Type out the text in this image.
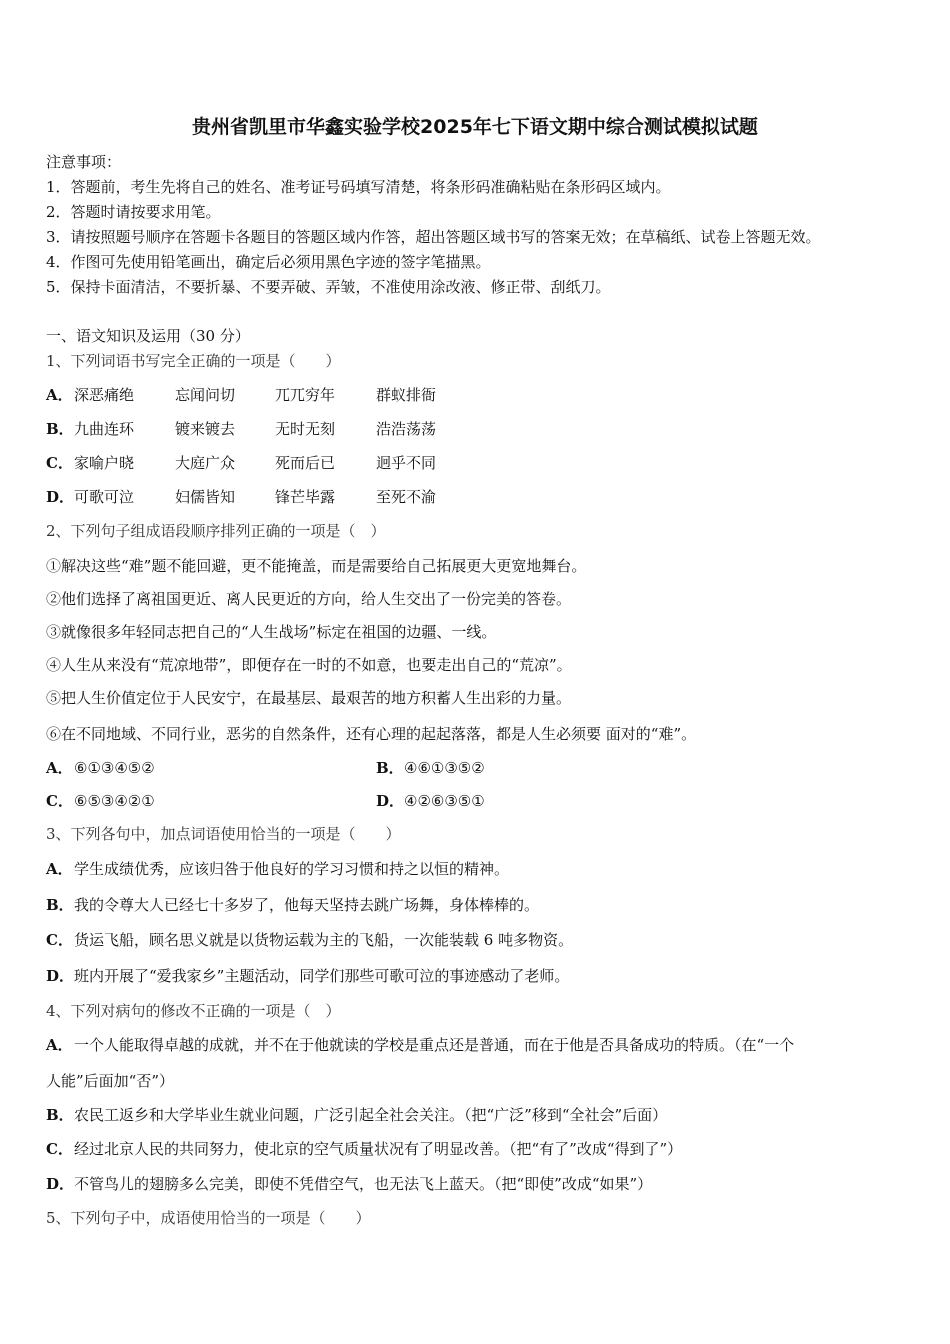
贵州省凯里市华鑫实验学校2025年七下语文期中综合测试模拟试题
注意事项：
1．答题前，考生先将自己的姓名、准考证号码填写清楚，将条形码准确粘贴在条形码区域内。
2．答题时请按要求用笔。
3．请按照题号顺序在答题卡各题目的答题区域内作答，超出答题区域书写的答案无效；在草稿纸、试卷上答题无效。
4．作图可先使用铅笔画出，确定后必须用黑色字迹的签字笔描黑。
5．保持卡面清洁，不要折暴、不要弄破、弄皱，不准使用涂改液、修正带、刮纸刀。
一、语文知识及运用（30 分）
1、下列词语书写完全正确的一项是（　　）
A． 深恶痛绝	忘闻问切	兀兀穷年	群蚁排衙
B． 九曲连环	镀来镀去	无时无刻	浩浩荡荡
C． 家喻户晓	大庭广众	死而后已	迥乎不同
D． 可歌可泣	妇儒皆知	锋芒毕露	至死不渝
2、下列句子组成语段顺序排列正确的一项是（　）
①解决这些“难”题不能回避，更不能掩盖，而是需要给自己拓展更大更宽地舞台。
②他们选择了离祖国更近、离人民更近的方向，给人生交出了一份完美的答卷。
③就像很多年轻同志把自己的“人生战场”标定在祖国的边疆、一线。
④人生从来没有“荒凉地带”，即便存在一时的不如意，也要走出自己的“荒凉”。
⑤把人生价值定位于人民安宁，在最基层、最艰苦的地方积蓄人生出彩的力量。
⑥在不同地域、不同行业，恶劣的自然条件，还有心理的起起落落，都是人生必须要 面对的“难”。
A． ⑥①③④⑤②	B． ④⑥①③⑤②
C． ⑥⑤③④②①	D． ④②⑥③⑤①
3、下列各句中，加点词语使用恰当的一项是（　　）
A． 学生成绩优秀，应该归咎于他良好的学习习惯和持之以恒的精神。
B． 我的令尊大人已经七十多岁了，他每天坚持去跳广场舞，身体棒棒的。
C． 货运飞船，顾名思义就是以货物运载为主的飞船，一次能装载 6 吨多物资。
D． 班内开展了“爱我家乡”主题活动，同学们那些可歌可泣的事迹感动了老师。
4、下列对病句的修改不正确的一项是（　）
A． 一个人能取得卓越的成就，并不在于他就读的学校是重点还是普通，而在于他是否具备成功的特质。（在“一个
人能”后面加“否”）
B． 农民工返乡和大学毕业生就业问题，广泛引起全社会关注。（把“广泛”移到“全社会”后面）
C． 经过北京人民的共同努力，使北京的空气质量状况有了明显改善。（把“有了”改成“得到了”）
D． 不管鸟儿的翅膀多么完美，即使不凭借空气，也无法飞上蓝天。（把“即使”改成“如果”）
5、下列句子中，成语使用恰当的一项是（　　）
